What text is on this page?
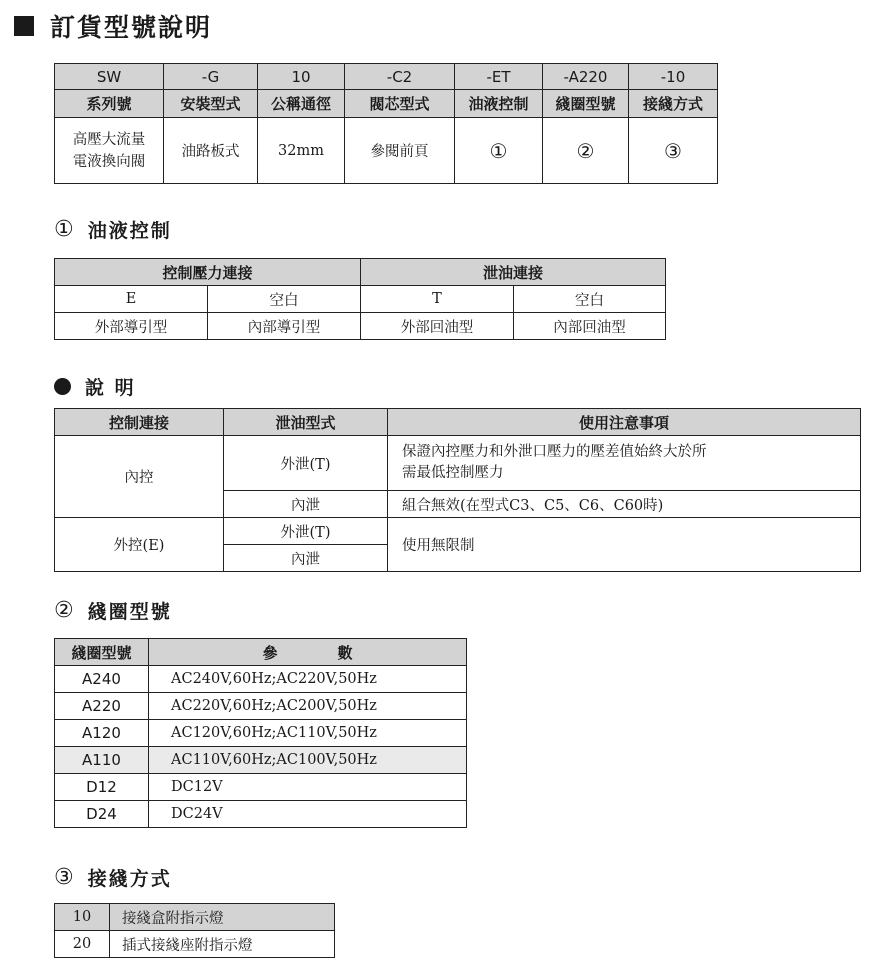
訂貨型號說明
SW	-G	10	-C2	-ET	-A220	-10
系列號	安裝型式	公稱通徑	閥芯型式	油液控制	綫圈型號	接綫方式

高壓大流量
電液換向閥	油路板式	32mm	參閱前頁	①	②	③
① 油液控制
控制壓力連接		泄油連接	
E	空白	T	空白
外部導引型	內部導引型	外部回油型	內部回油型
說 明
控制連接	泄油型式	使用注意事項
內控	外泄(T)	保證內控壓力和外泄口壓力的壓差值始終大於所
需最低控制壓力

	內泄	組合無效(在型式C3、C5、C6、C60時)
外控(E)	外泄(T)	使用無限制
	內泄	
② 綫圈型號
綫圈型號	參　　　　數
A240	AC240V,60Hz;AC220V,50Hz
A220	AC220V,60Hz;AC200V,50Hz
A120	AC120V,60Hz;AC110V,50Hz
A110	AC110V,60Hz;AC100V,50Hz
D12	DC12V
D24	DC24V
③ 接綫方式
10	接綫盒附指示燈
20	插式接綫座附指示燈
